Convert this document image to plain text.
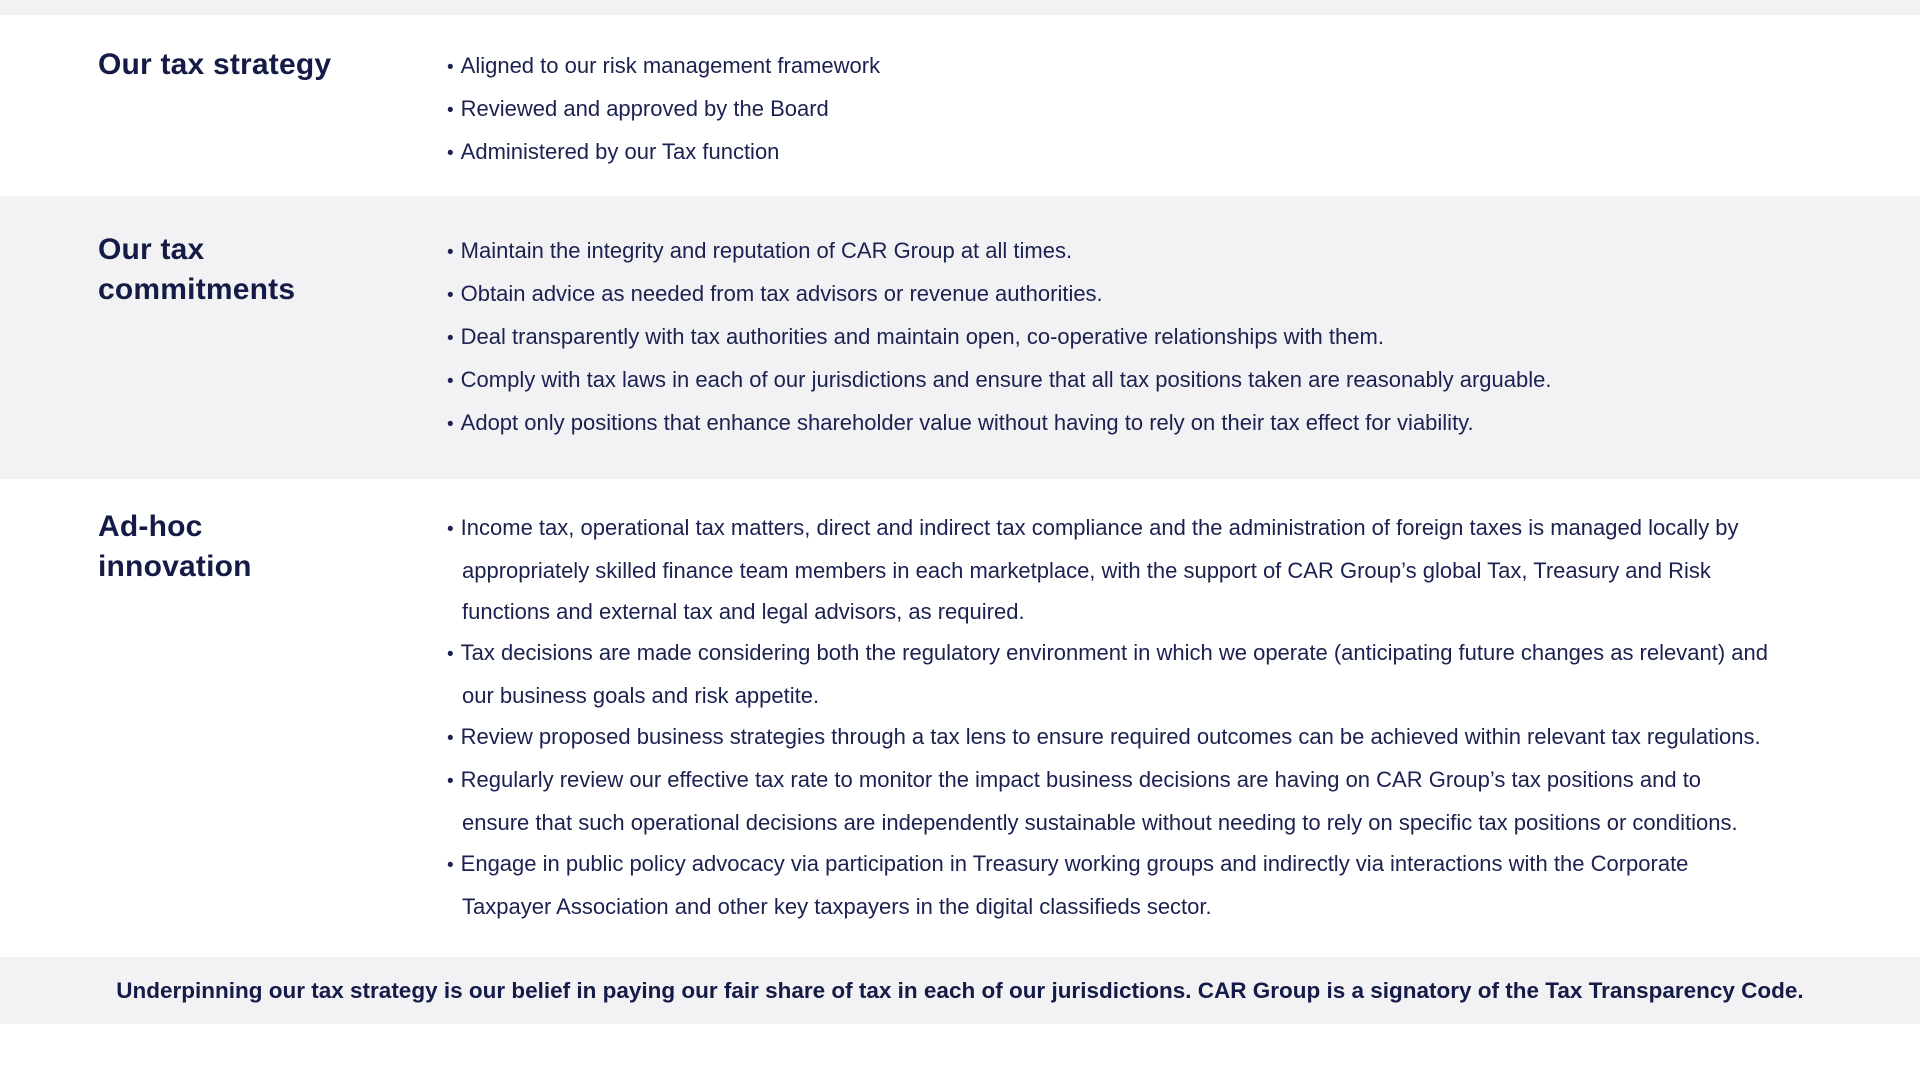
Our tax strategy	• Aligned to our risk management framework
• Reviewed and approved by the Board
• Administered by our Tax function
Our tax commitments
• Maintain the integrity and reputation of CAR Group at all times.
• Obtain advice as needed from tax advisors or revenue authorities.
• Deal transparently with tax authorities and maintain open, co-operative relationships with them.
• Comply with tax laws in each of our jurisdictions and ensure that all tax positions taken are reasonably arguable.
• Adopt only positions that enhance shareholder value without having to rely on their tax effect for viability.
Ad-hoc innovation
• Income tax, operational tax matters, direct and indirect tax compliance and the administration of foreign taxes is managed locally by appropriately skilled finance team members in each marketplace, with the support of CAR Group’s global Tax, Treasury and Risk functions and external tax and legal advisors, as required.
• Tax decisions are made considering both the regulatory environment in which we operate (anticipating future changes as relevant) and our business goals and risk appetite.
• Review proposed business strategies through a tax lens to ensure required outcomes can be achieved within relevant tax regulations.
• Regularly review our effective tax rate to monitor the impact business decisions are having on CAR Group’s tax positions and to ensure that such operational decisions are independently sustainable without needing to rely on specific tax positions or conditions.
• Engage in public policy advocacy via participation in Treasury working groups and indirectly via interactions with the Corporate Taxpayer Association and other key taxpayers in the digital classifieds sector.

Underpinning our tax strategy is our belief in paying our fair share of tax in each of our jurisdictions. CAR Group is a signatory of the Tax Transparency Code.
